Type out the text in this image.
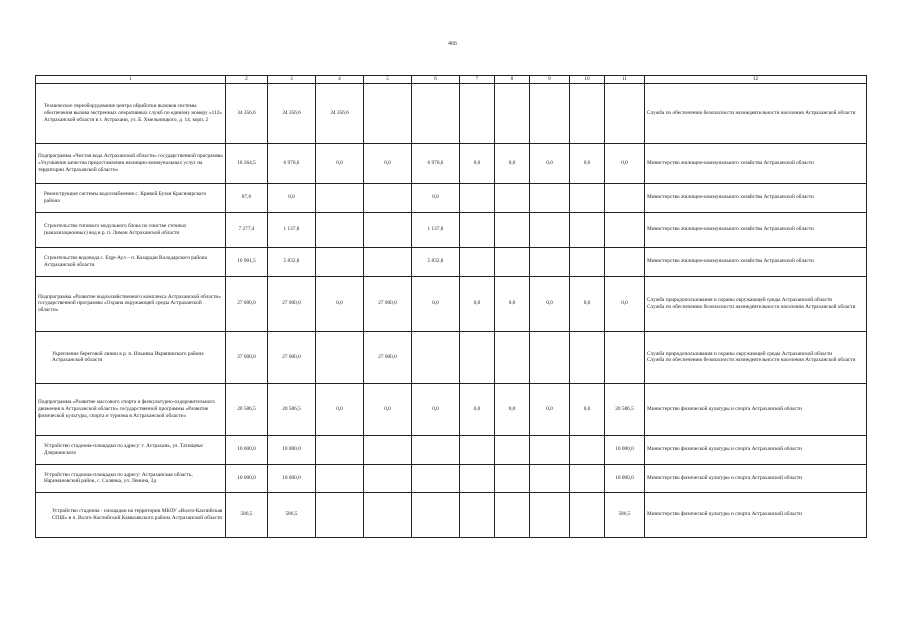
466
1	2	3	4	5	6	7	8	9	10	11	12

Техническое переоборудование центра обработки вызовов системы обеспечения вызова экстренных оперативных служб по единому номеру «112» Астраханской области в г. Астрахани, ул. Б. Хмельницкого, д. 14, корп. 2	34 356,6	34 356,6	34 356,6								Служба по обеспечению безопасности жизнедеятельности населения Астраханской области
Подпрограмма «Чистая вода Астраханской области» государственной программы «Улучшение качества предоставления жилищно-коммунальных услуг на территории Астраханской области»	18 264,5	6 970,6	0,0	0,0	6 970,6	0,0	0,0	0,0	0,0	0,0	Министерство жилищно-коммунального хозяйства Астраханской области

Реконструкция системы водоснабжения с. Кривой Бузан Красноярского района	87,6	0,0			0,0						Министерство жилищно-коммунального хозяйства Астраханской области

Строительство типового модульного блока по очистке сточных (канализационных) вод в р. п. Лиман Астраханской области	7 277,4	1 137,8			1 137,8						Министерство жилищно-коммунального хозяйства Астраханской области

Строительство водовода с. Erge-Аул – п. Кахардан Володарского района Астраханской области	10 901,5	5 832,8			5 832,8						Министерство жилищно-коммунального хозяйства Астраханской области
Подпрограмма «Развитие водохозяйственного комплекса Астраханской области» государственной программы «Охрана окружающей среды Астраханской области»	27 000,0	27 000,0	0,0	27 000,0	0,0	0,0	0,0	0,0	0,0	0,0	Служба природопользования и охраны окружающей среды Астраханской области
Служба по обеспечению безопасности жизнедеятельности населения Астраханской области

Укрепление береговой линии в р. п. Ильинка Икрянинского района Астраханской области	27 000,0	27 000,0		27 000,0							Служба природопользования и охраны окружающей среды Астраханской области
Служба по обеспечению безопасности жизнедеятельности населения Астраханской области
Подпрограмма «Развитие массового спорта и физкультурно-оздоровительного движения в Астраханской области» государственной программы «Развитие физической культуры, спорта и туризма в Астраханской области»	20 586,5	20 586,5	0,0	0,0	0,0	0,0	0,0	0,0	0,0	20 586,5	Министерство физической культуры и спорта Астраханской области

Устройство стадиона-площадки по адресу: г. Астрахань, ул. Татищева/Дзержинского	10 000,0	10 000,0								10 000,0	Министерство физической культуры и спорта Астраханской области

Устройство стадиона-площадки по адресу: Астраханская область, Наримановский район, с. Солянка, ул. Ленина, 3д	10 000,0	10 000,0								10 000,0	Министерство физической культуры и спорта Астраханской области

Устройство стадиона - площадки на территории МБОУ «Волго-Каспийская СОШ» в п. Волго-Каспийский Камызякского района Астраханской области	586,5	586,5								586,5	Министерство физической культуры и спорта Астраханской области
